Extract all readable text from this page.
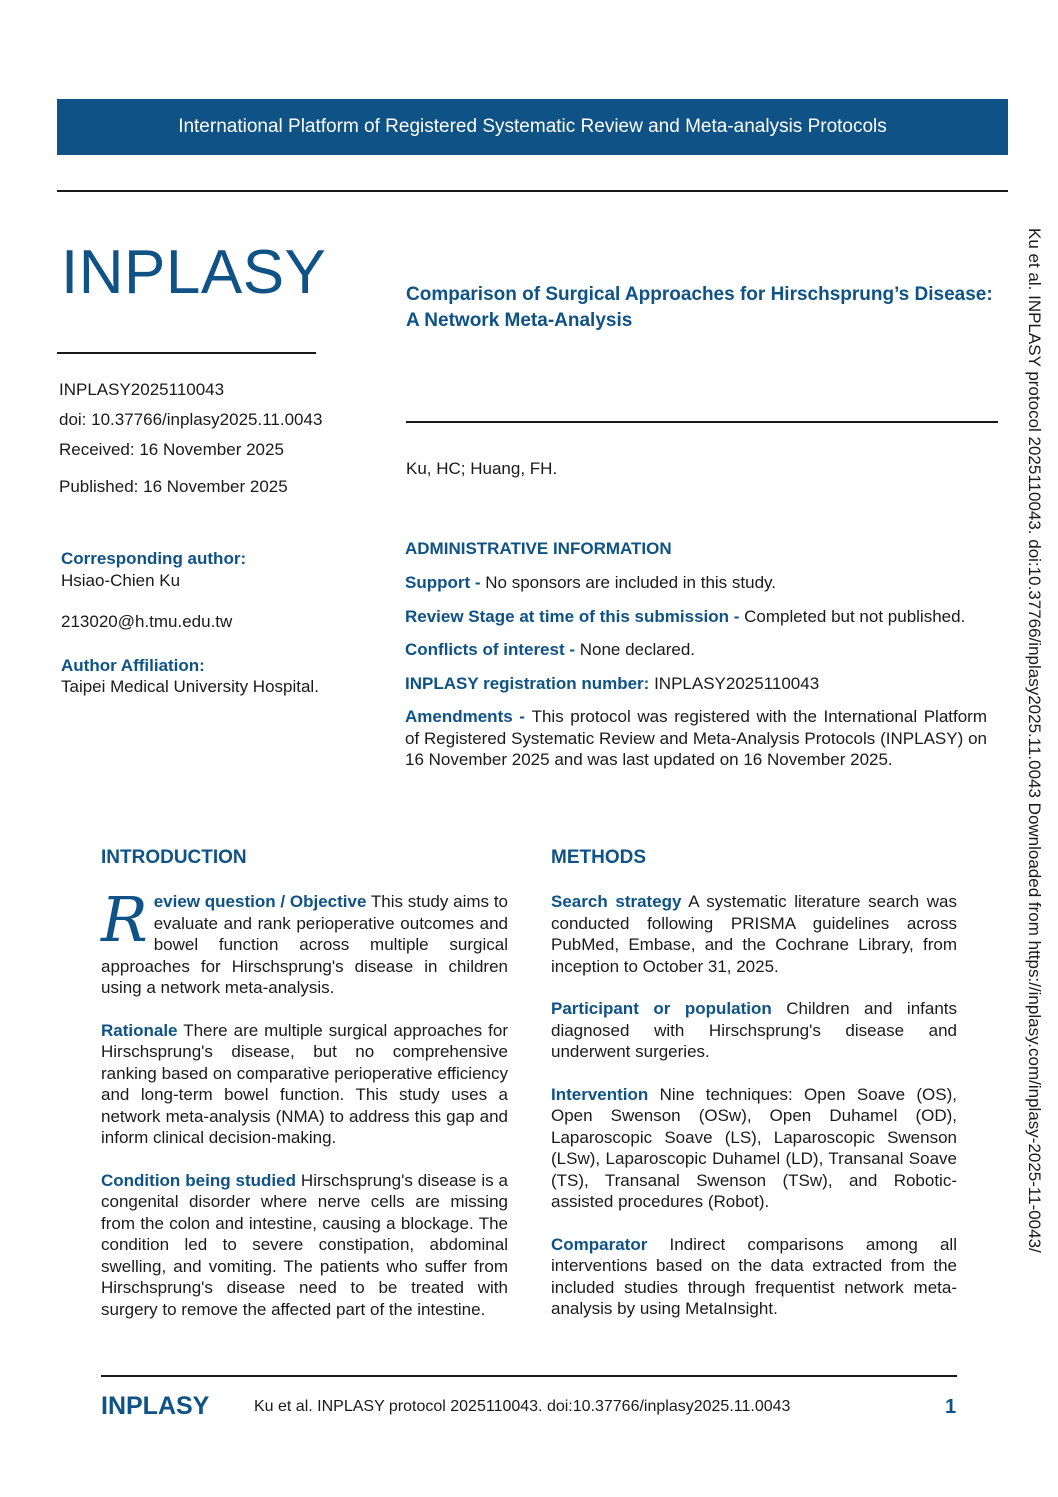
International Platform of Registered Systematic Review and Meta-analysis Protocols
INPLASY	Comparison of Surgical Approaches for Hirschsprung’s Disease: A Network Meta-Analysis
INPLASY2025110043
doi: 10.37766/inplasy2025.11.0043
Received: 16 November 2025
Published: 16 November 2025
Corresponding author:
Hsiao-Chien Ku
213020@h.tmu.edu.tw
Author Affiliation:
Taipei Medical University Hospital.
Ku, HC; Huang, FH.
ADMINISTRATIVE INFORMATION

Support - No sponsors are included in this study.

Review Stage at time of this submission - Completed but not published.

Conflicts of interest - None declared.

INPLASY registration number: INPLASY2025110043

Amendments - This protocol was registered with the International Platform of Registered Systematic Review and Meta-Analysis Protocols (INPLASY) on 16 November 2025 and was last updated on 16 November 2025.

INTRODUCTION

Review question / Objective This study aims to evaluate and rank perioperative outcomes and bowel function across multiple surgical approaches for Hirschsprung's disease in children using a network meta-analysis.

Rationale There are multiple surgical approaches for Hirschsprung's disease, but no comprehensive ranking based on comparative perioperative efficiency and long-term bowel function. This study uses a network meta-analysis (NMA) to address this gap and inform clinical decision-making.

Condition being studied Hirschsprung's disease is a congenital disorder where nerve cells are missing from the colon and intestine, causing a blockage. The condition led to severe constipation, abdominal swelling, and vomiting. The patients who suffer from Hirschsprung's disease need to be treated with surgery to remove the affected part of the intestine.

METHODS

Search strategy A systematic literature search was conducted following PRISMA guidelines across PubMed, Embase, and the Cochrane Library, from inception to October 31, 2025.

Participant or population Children and infants diagnosed with Hirschsprung's disease and underwent surgeries.

Intervention Nine techniques: Open Soave (OS), Open Swenson (OSw), Open Duhamel (OD), Laparoscopic Soave (LS), Laparoscopic Swenson (LSw), Laparoscopic Duhamel (LD), Transanal Soave (TS), Transanal Swenson (TSw), and Robotic-assisted procedures (Robot).

Comparator Indirect comparisons among all interventions based on the data extracted from the included studies through frequentist network meta-analysis by using MetaInsight.

Ku et al. INPLASY protocol 2025110043. doi:10.37766/inplasy2025.11.0043 Downloaded from https://inplasy.com/inplasy-2025-11-0043/
INPLASY	Ku et al. INPLASY protocol 2025110043. doi:10.37766/inplasy2025.11.0043	1
